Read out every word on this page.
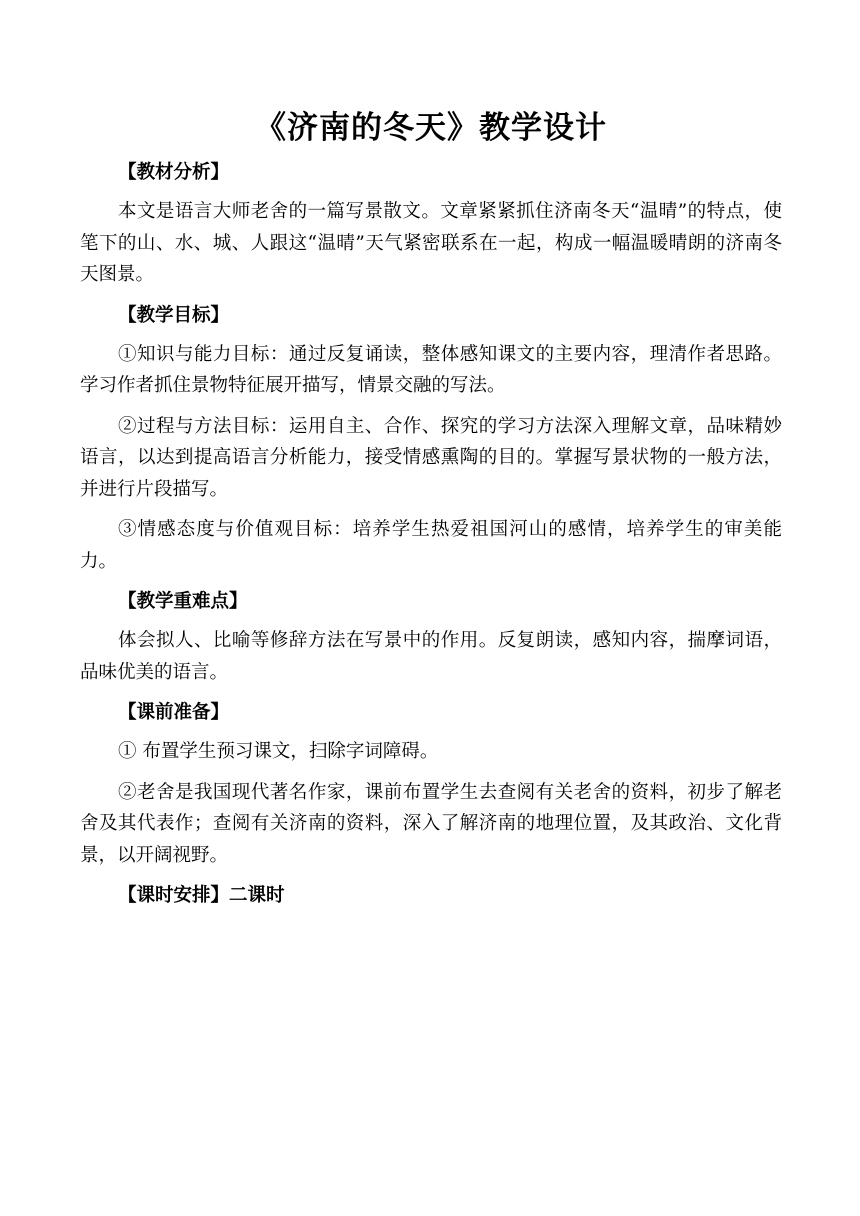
《济南的冬天》教学设计
【教材分析】

本文是语言大师老舍的一篇写景散文。文章紧紧抓住济南冬天“温晴”的特点，使笔下的山、水、城、人跟这“温晴”天气紧密联系在一起，构成一幅温暖晴朗的济南冬天图景。

【教学目标】

①知识与能力目标：通过反复诵读，整体感知课文的主要内容，理清作者思路。学习作者抓住景物特征展开描写，情景交融的写法。

②过程与方法目标：运用自主、合作、探究的学习方法深入理解文章，品味精妙语言，以达到提高语言分析能力，接受情感熏陶的目的。掌握写景状物的一般方法，并进行片段描写。

③情感态度与价值观目标：培养学生热爱祖国河山的感情，培养学生的审美能力。

【教学重难点】

体会拟人、比喻等修辞方法在写景中的作用。反复朗读，感知内容，揣摩词语，品味优美的语言。

【课前准备】

① 布置学生预习课文，扫除字词障碍。

②老舍是我国现代著名作家，课前布置学生去查阅有关老舍的资料，初步了解老舍及其代表作；查阅有关济南的资料，深入了解济南的地理位置，及其政治、文化背景，以开阔视野。

【课时安排】二课时
